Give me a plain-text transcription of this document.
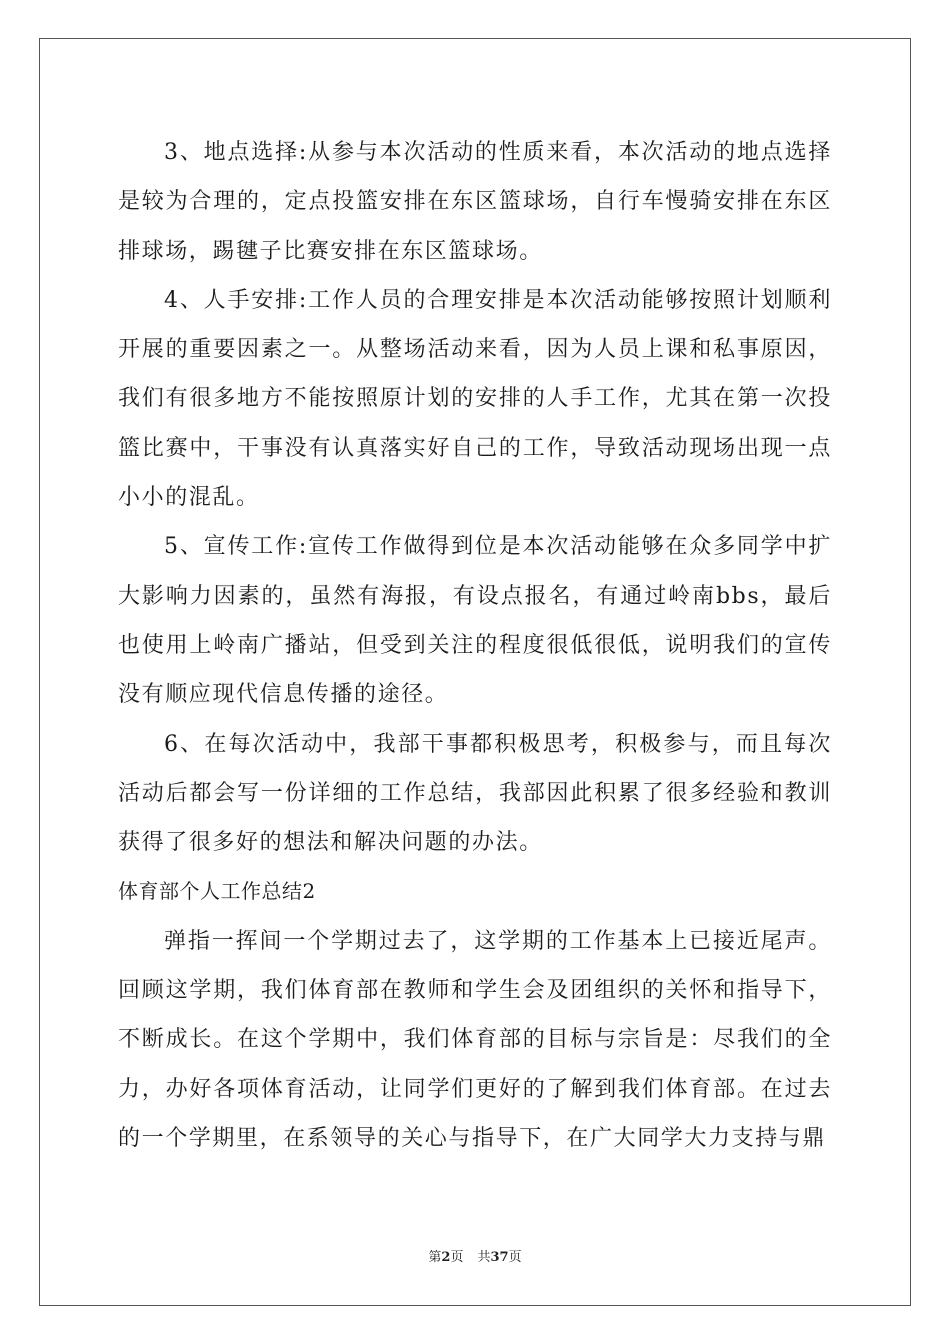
3、地点选择:从参与本次活动的性质来看，本次活动的地点选择是较为合理的，定点投篮安排在东区篮球场，自行车慢骑安排在东区排球场，踢毽子比赛安排在东区篮球场。

4、人手安排:工作人员的合理安排是本次活动能够按照计划顺利开展的重要因素之一。从整场活动来看，因为人员上课和私事原因，我们有很多地方不能按照原计划的安排的人手工作，尤其在第一次投篮比赛中，干事没有认真落实好自己的工作，导致活动现场出现一点小小的混乱。

5、宣传工作:宣传工作做得到位是本次活动能够在众多同学中扩大影响力因素的，虽然有海报，有设点报名，有通过岭南bbs，最后也使用上岭南广播站，但受到关注的程度很低很低，说明我们的宣传没有顺应现代信息传播的途径。

6、在每次活动中，我部干事都积极思考，积极参与，而且每次活动后都会写一份详细的工作总结，我部因此积累了很多经验和教训获得了很多好的想法和解决问题的办法。

体育部个人工作总结2

弹指一挥间一个学期过去了，这学期的工作基本上已接近尾声。回顾这学期，我们体育部在教师和学生会及团组织的关怀和指导下，不断成长。在这个学期中，我们体育部的目标与宗旨是：尽我们的全力，办好各项体育活动，让同学们更好的了解到我们体育部。在过去的一个学期里，在系领导的关心与指导下，在广大同学大力支持与鼎

第2页 共37页
